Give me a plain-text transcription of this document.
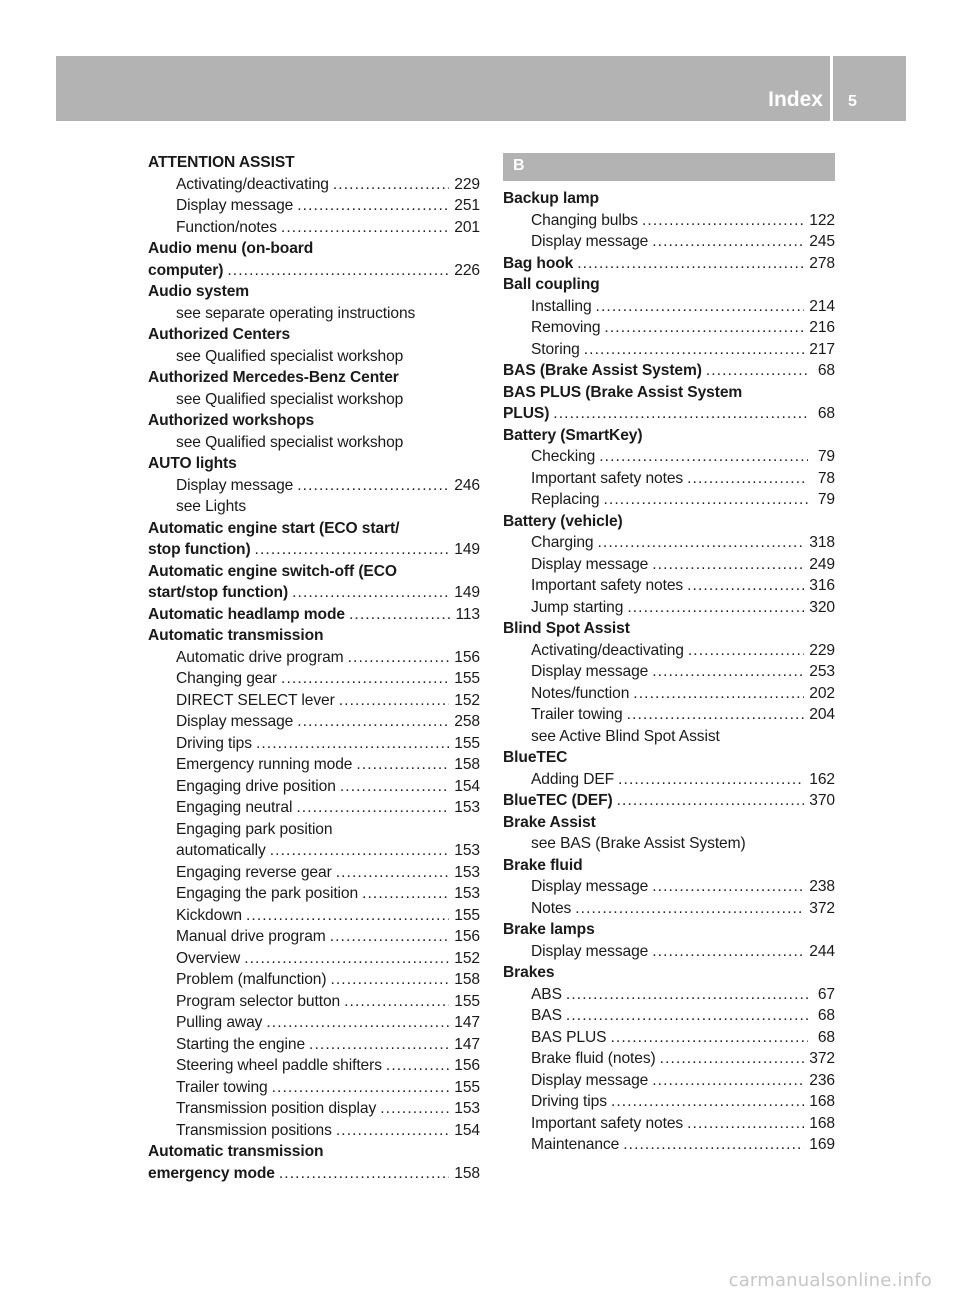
Index 5
ATTENTION ASSIST
Activating/deactivating .....	229
Display message .....	251
Function/notes .....	201
Audio menu (on-board
computer) .....	226
Audio system
see separate operating instructions
Authorized Centers
see Qualified specialist workshop
Authorized Mercedes-Benz Center
see Qualified specialist workshop
Authorized workshops
see Qualified specialist workshop
AUTO lights
Display message .....	246
see Lights
Automatic engine start (ECO start/
stop function) .....	149
Automatic engine switch-off (ECO
start/stop function) .....	149
Automatic headlamp mode .....	113
Automatic transmission
Automatic drive program .....	156
Changing gear .....	155
DIRECT SELECT lever .....	152
Display message .....	258
Driving tips .....	155
Emergency running mode .....	158
Engaging drive position .....	154
Engaging neutral .....	153
Engaging park position
automatically .....	153
Engaging reverse gear .....	153
Engaging the park position .....	153
Kickdown .....	155
Manual drive program .....	156
Overview .....	152
Problem (malfunction) .....	158
Program selector button .....	155
Pulling away .....	147
Starting the engine .....	147
Steering wheel paddle shifters .....	156
Trailer towing .....	155
Transmission position display .....	153
Transmission positions .....	154
Automatic transmission
emergency mode .....	158
B
Backup lamp
Changing bulbs .....	122
Display message .....	245
Bag hook .....	278
Ball coupling
Installing .....	214
Removing .....	216
Storing .....	217
BAS (Brake Assist System) .....	68
BAS PLUS (Brake Assist System
PLUS) .....	68
Battery (SmartKey)
Checking .....	79
Important safety notes .....	78
Replacing .....	79
Battery (vehicle)
Charging .....	318
Display message .....	249
Important safety notes .....	316
Jump starting .....	320
Blind Spot Assist
Activating/deactivating .....	229
Display message .....	253
Notes/function .....	202
Trailer towing .....	204
see Active Blind Spot Assist
BlueTEC
Adding DEF .....	162
BlueTEC (DEF) .....	370
Brake Assist
see BAS (Brake Assist System)
Brake fluid
Display message .....	238
Notes .....	372
Brake lamps
Display message .....	244
Brakes
ABS .....	67
BAS .....	68
BAS PLUS .....	68
Brake fluid (notes) .....	372
Display message .....	236
Driving tips .....	168
Important safety notes .....	168
Maintenance .....	169
carmanualsonline.info
